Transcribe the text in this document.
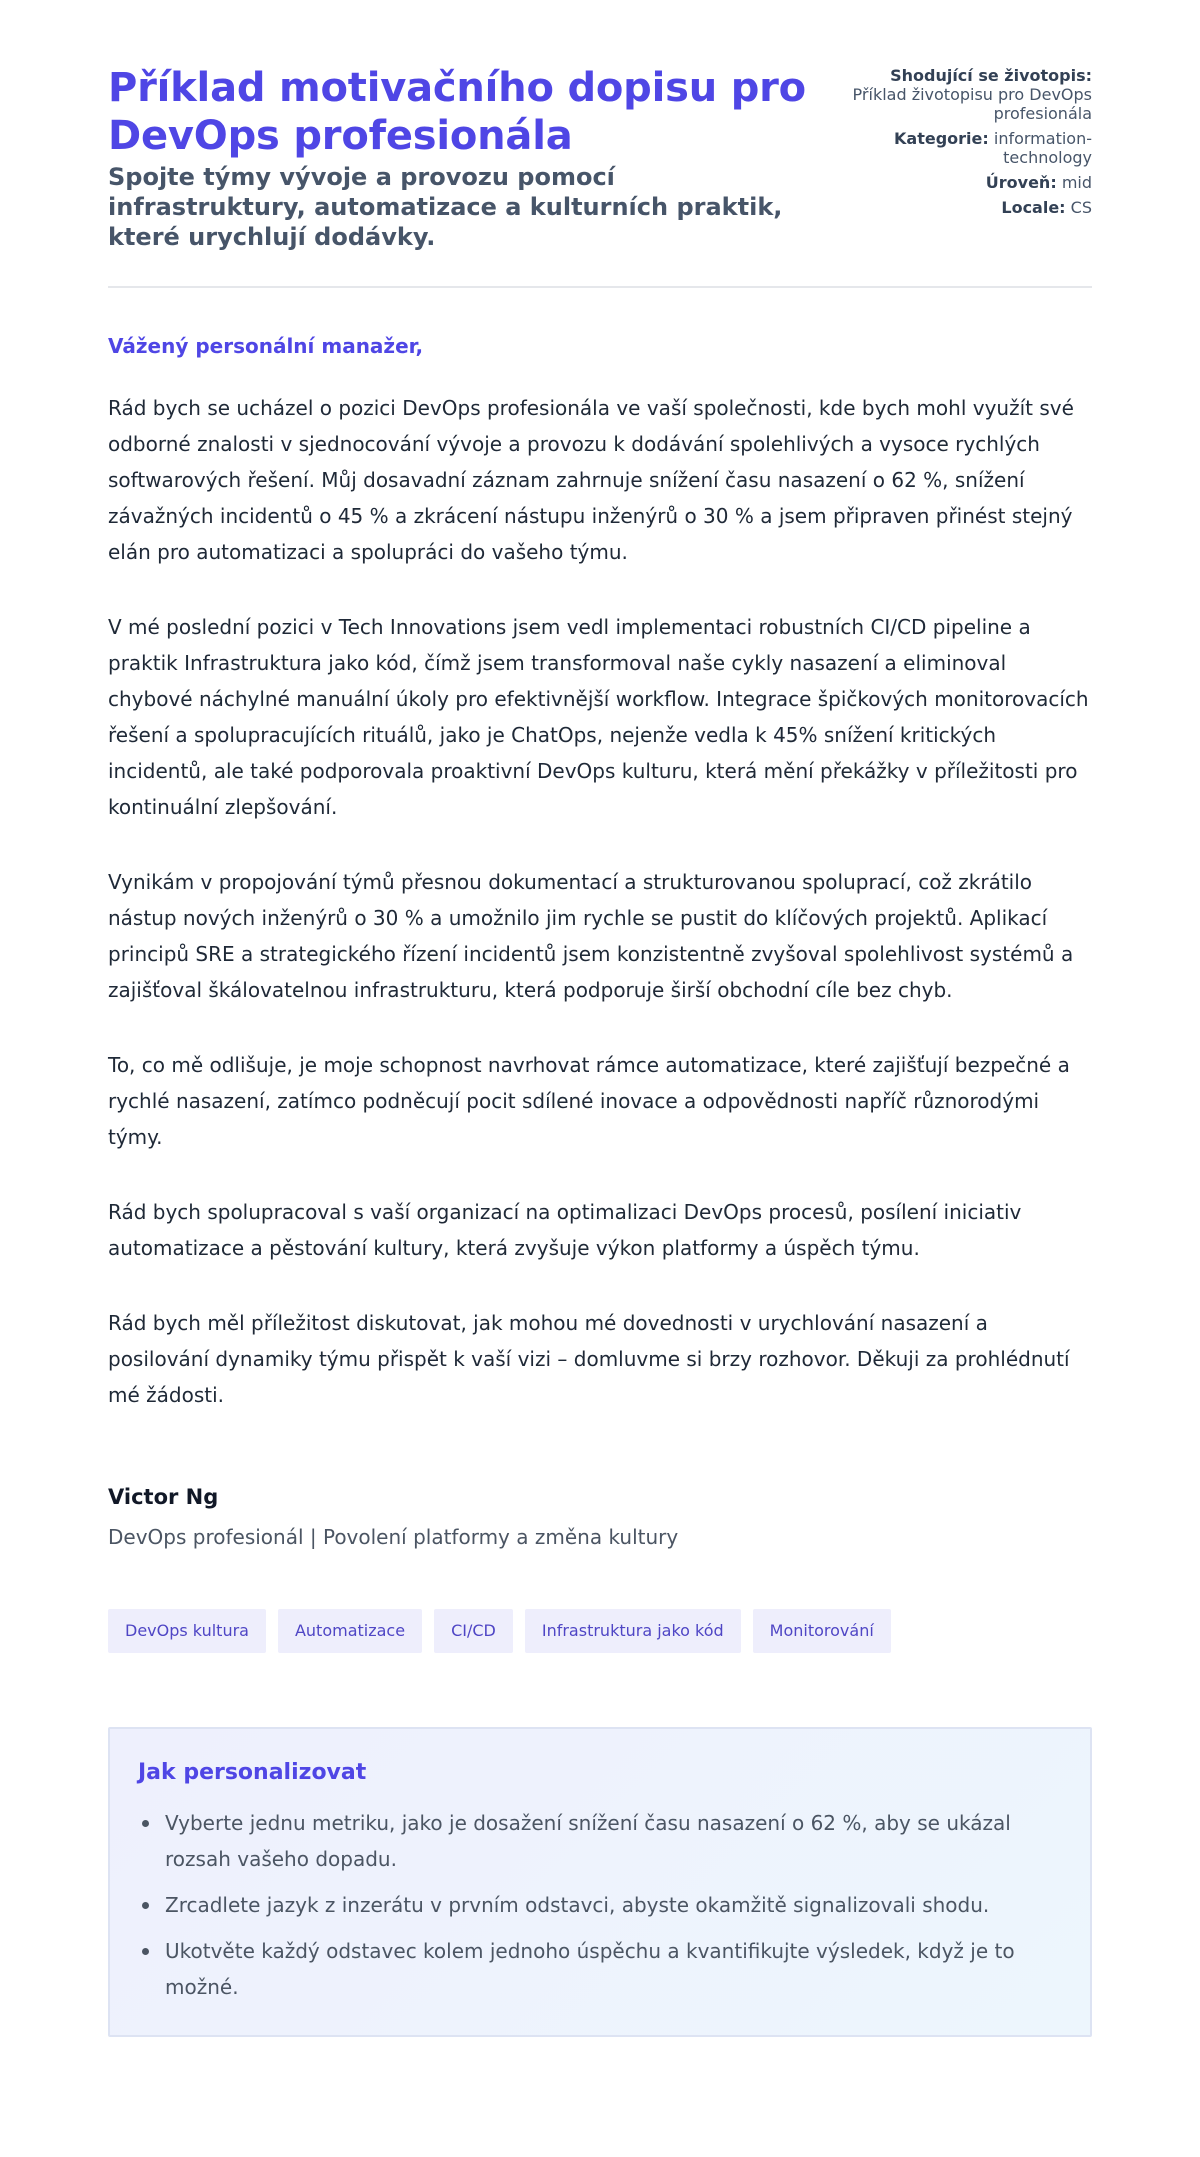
Příklad motivačního dopisu pro DevOps profesionála
Spojte týmy vývoje a provozu pomocí infrastruktury, automatizace a kulturních praktik, které urychlují dodávky.
Shodující se životopis:
Příklad životopisu pro DevOps profesionála
Kategorie: information-technology
Úroveň: mid
Locale: CS

Vážený personální manažer,

Rád bych se ucházel o pozici DevOps profesionála ve vaší společnosti, kde bych mohl využít své odborné znalosti v sjednocování vývoje a provozu k dodávání spolehlivých a vysoce rychlých softwarových řešení. Můj dosavadní záznam zahrnuje snížení času nasazení o 62 %, snížení závažných incidentů o 45 % a zkrácení nástupu inženýrů o 30 % a jsem připraven přinést stejný elán pro automatizaci a spolupráci do vašeho týmu.

V mé poslední pozici v Tech Innovations jsem vedl implementaci robustních CI/CD pipeline a praktik Infrastruktura jako kód, čímž jsem transformoval naše cykly nasazení a eliminoval chybové náchylné manuální úkoly pro efektivnější workflow. Integrace špičkových monitorovacích řešení a spolupracujících rituálů, jako je ChatOps, nejenže vedla k 45% snížení kritických incidentů, ale také podporovala proaktivní DevOps kulturu, která mění překážky v příležitosti pro kontinuální zlepšování.

Vynikám v propojování týmů přesnou dokumentací a strukturovanou spoluprací, což zkrátilo nástup nových inženýrů o 30 % a umožnilo jim rychle se pustit do klíčových projektů. Aplikací principů SRE a strategického řízení incidentů jsem konzistentně zvyšoval spolehlivost systémů a zajišťoval škálovatelnou infrastrukturu, která podporuje širší obchodní cíle bez chyb.

To, co mě odlišuje, je moje schopnost navrhovat rámce automatizace, které zajišťují bezpečné a rychlé nasazení, zatímco podněcují pocit sdílené inovace a odpovědnosti napříč různorodými týmy.

Rád bych spolupracoval s vaší organizací na optimalizaci DevOps procesů, posílení iniciativ automatizace a pěstování kultury, která zvyšuje výkon platformy a úspěch týmu.

Rád bych měl příležitost diskutovat, jak mohou mé dovednosti v urychlování nasazení a posilování dynamiky týmu přispět k vaší vizi – domluvme si brzy rozhovor. Děkuji za prohlédnutí mé žádosti.

Victor Ng
DevOps profesionál | Povolení platformy a změna kultury
DevOps kultura	Automatizace	CI/CD	Infrastruktura jako kód	Monitorování
Jak personalizovat
Vyberte jednu metriku, jako je dosažení snížení času nasazení o 62 %, aby se ukázal rozsah vašeho dopadu.
Zrcadlete jazyk z inzerátu v prvním odstavci, abyste okamžitě signalizovali shodu.
Ukotvěte každý odstavec kolem jednoho úspěchu a kvantifikujte výsledek, když je to možné.
